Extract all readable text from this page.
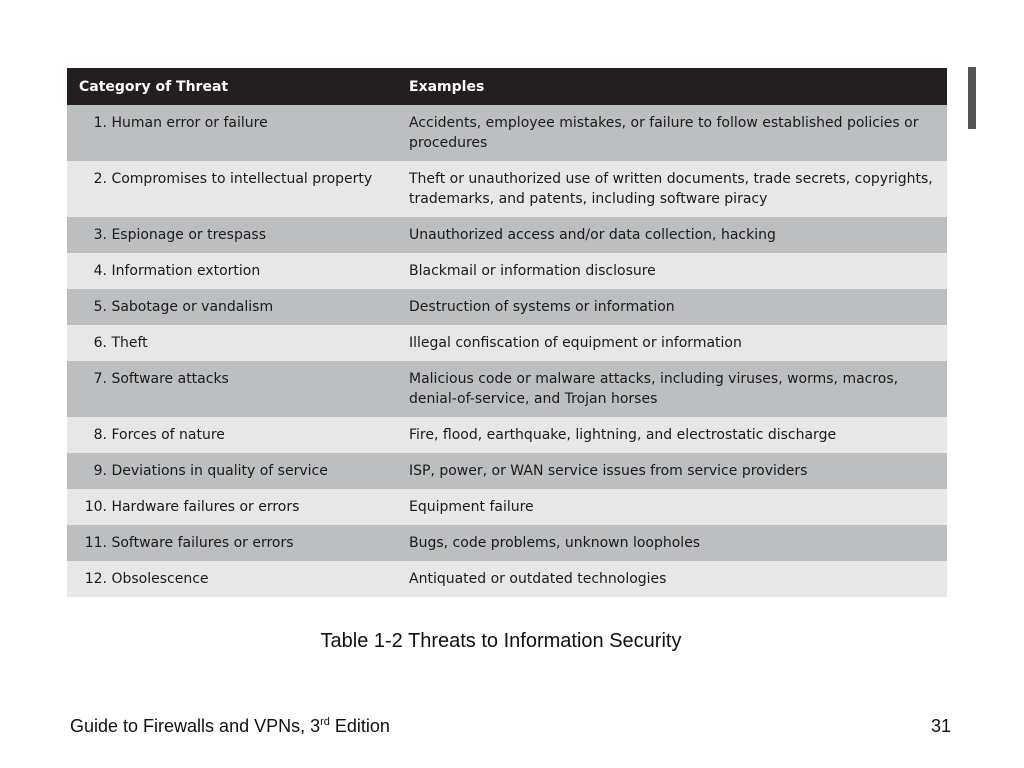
Category of Threat	Examples
1. Human error or failure	Accidents, employee mistakes, or failure to follow established policies or procedures
2. Compromises to intellectual property	Theft or unauthorized use of written documents, trade secrets, copyrights, trademarks, and patents, including software piracy
3. Espionage or trespass	Unauthorized access and/or data collection, hacking
4. Information extortion	Blackmail or information disclosure
5. Sabotage or vandalism	Destruction of systems or information
6. Theft	Illegal confiscation of equipment or information
7. Software attacks	Malicious code or malware attacks, including viruses, worms, macros, denial-of-service, and Trojan horses
8. Forces of nature	Fire, flood, earthquake, lightning, and electrostatic discharge
9. Deviations in quality of service	ISP, power, or WAN service issues from service providers
10. Hardware failures or errors	Equipment failure
11. Software failures or errors	Bugs, code problems, unknown loopholes
12. Obsolescence	Antiquated or outdated technologies
Table 1-2 Threats to Information Security
Guide to Firewalls and VPNs, 3rd Edition	31
